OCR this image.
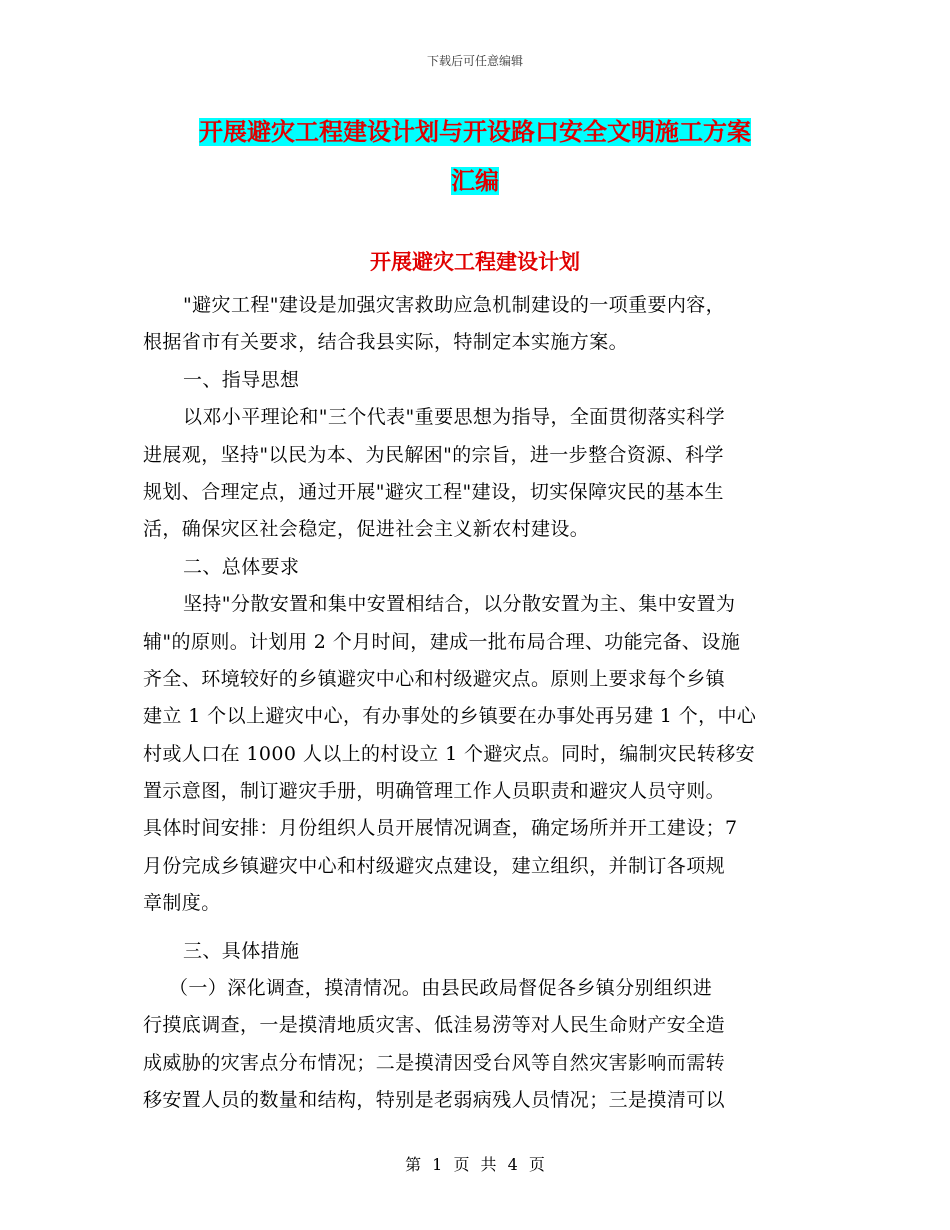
下载后可任意编辑
开展避灾工程建设计划与开设路口安全文明施工方案
汇编
开展避灾工程建设计划
"避灾工程"建设是加强灾害救助应急机制建设的一项重要内容，
根据省市有关要求，结合我县实际，特制定本实施方案。
一、指导思想
以邓小平理论和"三个代表"重要思想为指导，全面贯彻落实科学
进展观，坚持"以民为本、为民解困"的宗旨，进一步整合资源、科学
规划、合理定点，通过开展"避灾工程"建设，切实保障灾民的基本生
活，确保灾区社会稳定，促进社会主义新农村建设。
二、总体要求
坚持"分散安置和集中安置相结合，以分散安置为主、集中安置为
辅"的原则。计划用 2 个月时间，建成一批布局合理、功能完备、设施
齐全、环境较好的乡镇避灾中心和村级避灾点。原则上要求每个乡镇
建立 1 个以上避灾中心，有办事处的乡镇要在办事处再另建 1 个，中心
村或人口在 1000 人以上的村设立 1 个避灾点。同时，编制灾民转移安
置示意图，制订避灾手册，明确管理工作人员职责和避灾人员守则。
具体时间安排：月份组织人员开展情况调查，确定场所并开工建设；7
月份完成乡镇避灾中心和村级避灾点建设，建立组织，并制订各项规
章制度。
三、具体措施
（一）深化调查，摸清情况。由县民政局督促各乡镇分别组织进
行摸底调查，一是摸清地质灾害、低洼易涝等对人民生命财产安全造
成威胁的灾害点分布情况；二是摸清因受台风等自然灾害影响而需转
移安置人员的数量和结构，特别是老弱病残人员情况；三是摸清可以
第 1 页 共 4 页
